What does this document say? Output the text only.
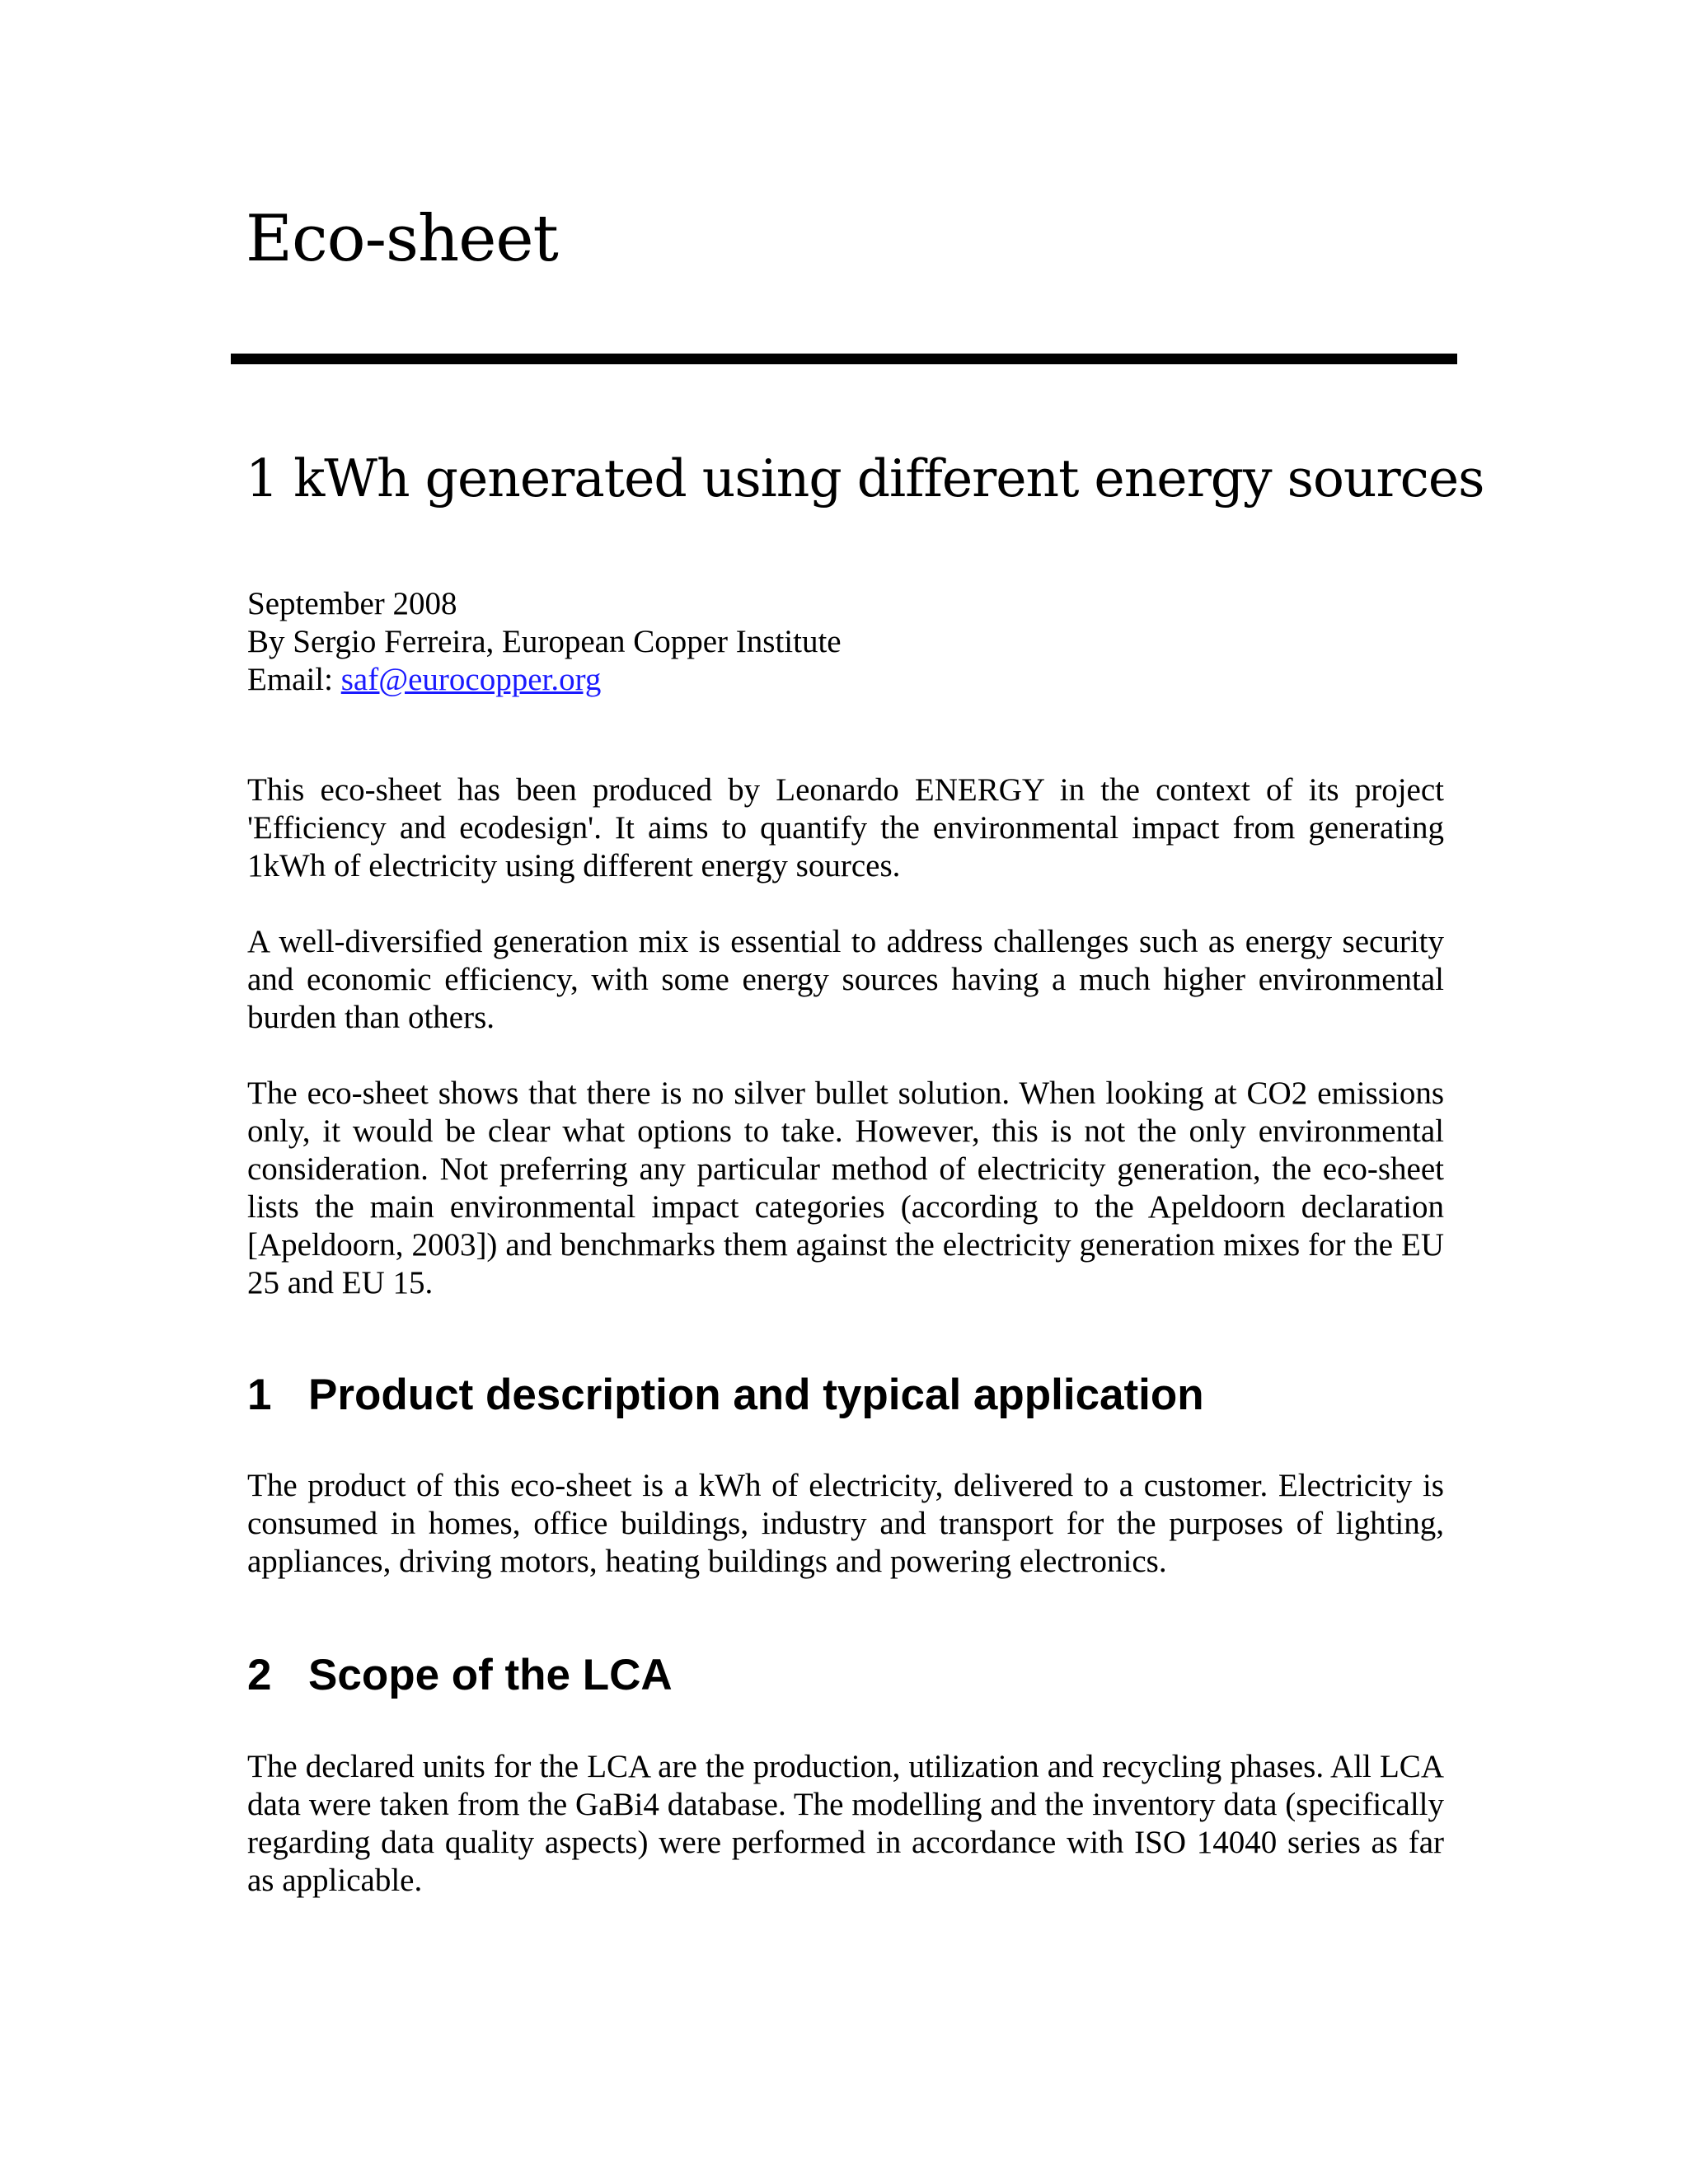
Eco-sheet
1 kWh generated using different energy sources
September 2008
By Sergio Ferreira, European Copper Institute
Email: saf@eurocopper.org

This eco-sheet has been produced by Leonardo ENERGY in the context of its project 'Efficiency and ecodesign'. It aims to quantify the environmental impact from generating 1kWh of electricity using different energy sources.

A well-diversified generation mix is essential to address challenges such as energy security and economic efficiency, with some energy sources having a much higher environmental burden than others.

The eco-sheet shows that there is no silver bullet solution. When looking at CO2 emissions only, it would be clear what options to take. However, this is not the only environmental consideration. Not preferring any particular method of electricity generation, the eco-sheet lists the main environmental impact categories (according to the Apeldoorn declaration [Apeldoorn, 2003]) and benchmarks them against the electricity generation mixes for the EU 25 and EU 15.

1 Product description and typical application

The product of this eco-sheet is a kWh of electricity, delivered to a customer. Electricity is consumed in homes, office buildings, industry and transport for the purposes of lighting, appliances, driving motors, heating buildings and powering electronics.

2 Scope of the LCA

The declared units for the LCA are the production, utilization and recycling phases. All LCA data were taken from the GaBi4 database. The modelling and the inventory data (specifically regarding data quality aspects) were performed in accordance with ISO 14040 series as far as applicable.
